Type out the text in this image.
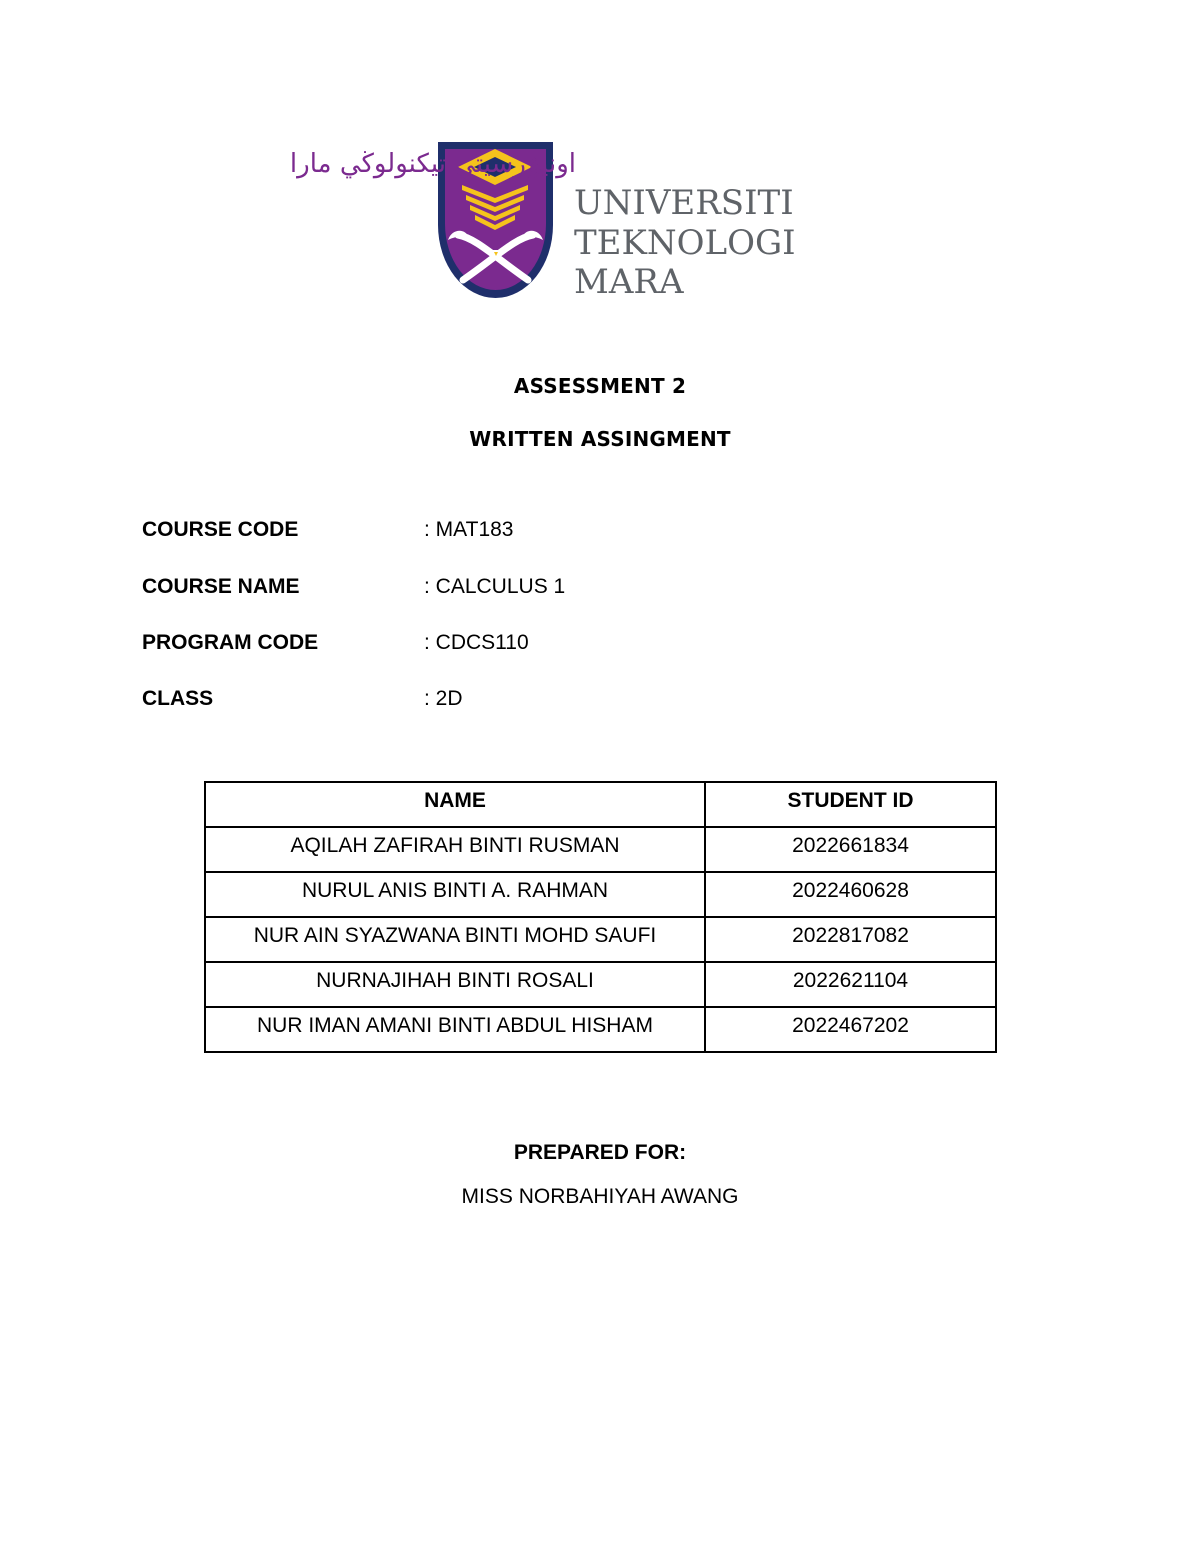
اونيۏرسيتي تيكنولوڬي مارا
UNIVERSITI
TEKNOLOGI
MARA
ASSESSMENT 2
WRITTEN ASSINGMENT
COURSE CODE	: MAT183
COURSE NAME	: CALCULUS 1
PROGRAM CODE	: CDCS110
CLASS	: 2D
NAME	STUDENT ID
AQILAH ZAFIRAH BINTI RUSMAN	2022661834
NURUL ANIS BINTI A. RAHMAN	2022460628
NUR AIN SYAZWANA BINTI MOHD SAUFI	2022817082
NURNAJIHAH BINTI ROSALI	2022621104
NUR IMAN AMANI BINTI ABDUL HISHAM	2022467202
PREPARED FOR:
MISS NORBAHIYAH AWANG
